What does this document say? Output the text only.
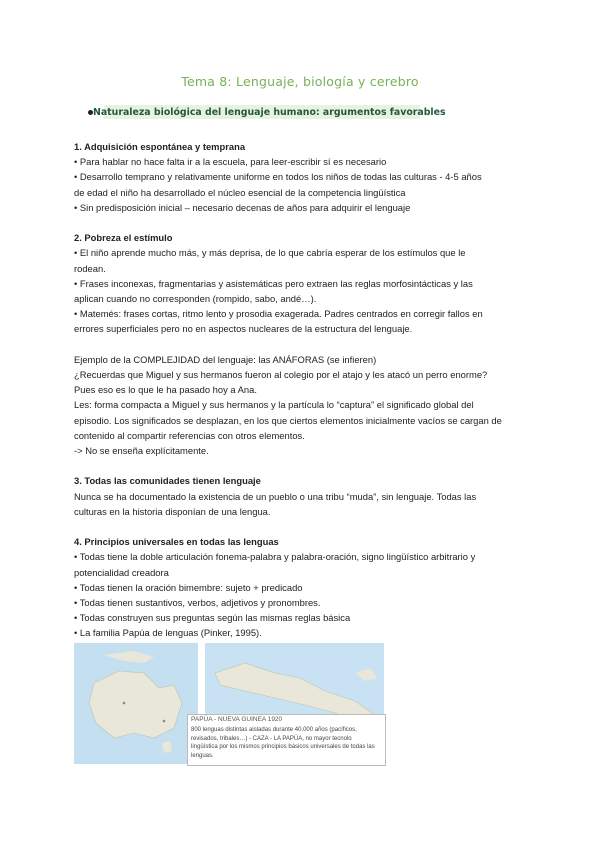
Tema 8: Lenguaje, biología y cerebro
Naturaleza biológica del lenguaje humano: argumentos favorables

1. Adquisición espontánea y temprana

• Para hablar no hace falta ir a la escuela, para leer-escribir sí es necesario

• Desarrollo temprano y relativamente uniforme en todos los niños de todas las culturas - 4-5 años

de edad el niño ha desarrollado el núcleo esencial de la competencia lingüística

• Sin predisposición inicial – necesario decenas de años para adquirir el lenguaje

2. Pobreza el estímulo

• El niño aprende mucho más, y más deprisa, de lo que cabría esperar de los estímulos que le

rodean.

• Frases inconexas, fragmentarias y asistemáticas pero extraen las reglas morfosintácticas y las

aplican cuando no corresponden (rompido, sabo, andé…).

• Matemés: frases cortas, ritmo lento y prosodia exagerada. Padres centrados en corregir fallos en

errores superficiales pero no en aspectos nucleares de la estructura del lenguaje.

Ejemplo de la COMPLEJIDAD del lenguaje: las ANÁFORAS (se infieren)

¿Recuerdas que Miguel y sus hermanos fueron al colegio por el atajo y les atacó un perro enorme?

Pues eso es lo que le ha pasado hoy a Ana.

Les: forma compacta a Miguel y sus hermanos y la partícula lo “captura” el significado global del

episodio. Los significados se desplazan, en los que ciertos elementos inicialmente vacíos se cargan de

contenido al compartir referencias con otros elementos.

-> No se enseña explícitamente.

3. Todas las comunidades tienen lenguaje

Nunca se ha documentado la existencia de un pueblo o una tribu “muda”, sin lenguaje. Todas las

culturas en la historia disponían de una lengua.

4. Principios universales en todas las lenguas

• Todas tiene la doble articulación fonema-palabra y palabra-oración, signo lingüístico arbitrario y

potencialidad creadora

• Todas tienen la oración bimembre: sujeto + predicado

• Todas tienen sustantivos, verbos, adjetivos y pronombres.

• Todas construyen sus preguntas según las mismas reglas básica

• La familia Papúa de lenguas (Pinker, 1995).

PAPÚA - NUEVA GUINEA 1920
800 lenguas distintas aisladas durante 40.000 años (pacíficos, revisados, tribales…) - CAZA - LA PAPÚA, no mayor tecnolo lingüística por los mismos principios básicos universales de todas las lenguas.
